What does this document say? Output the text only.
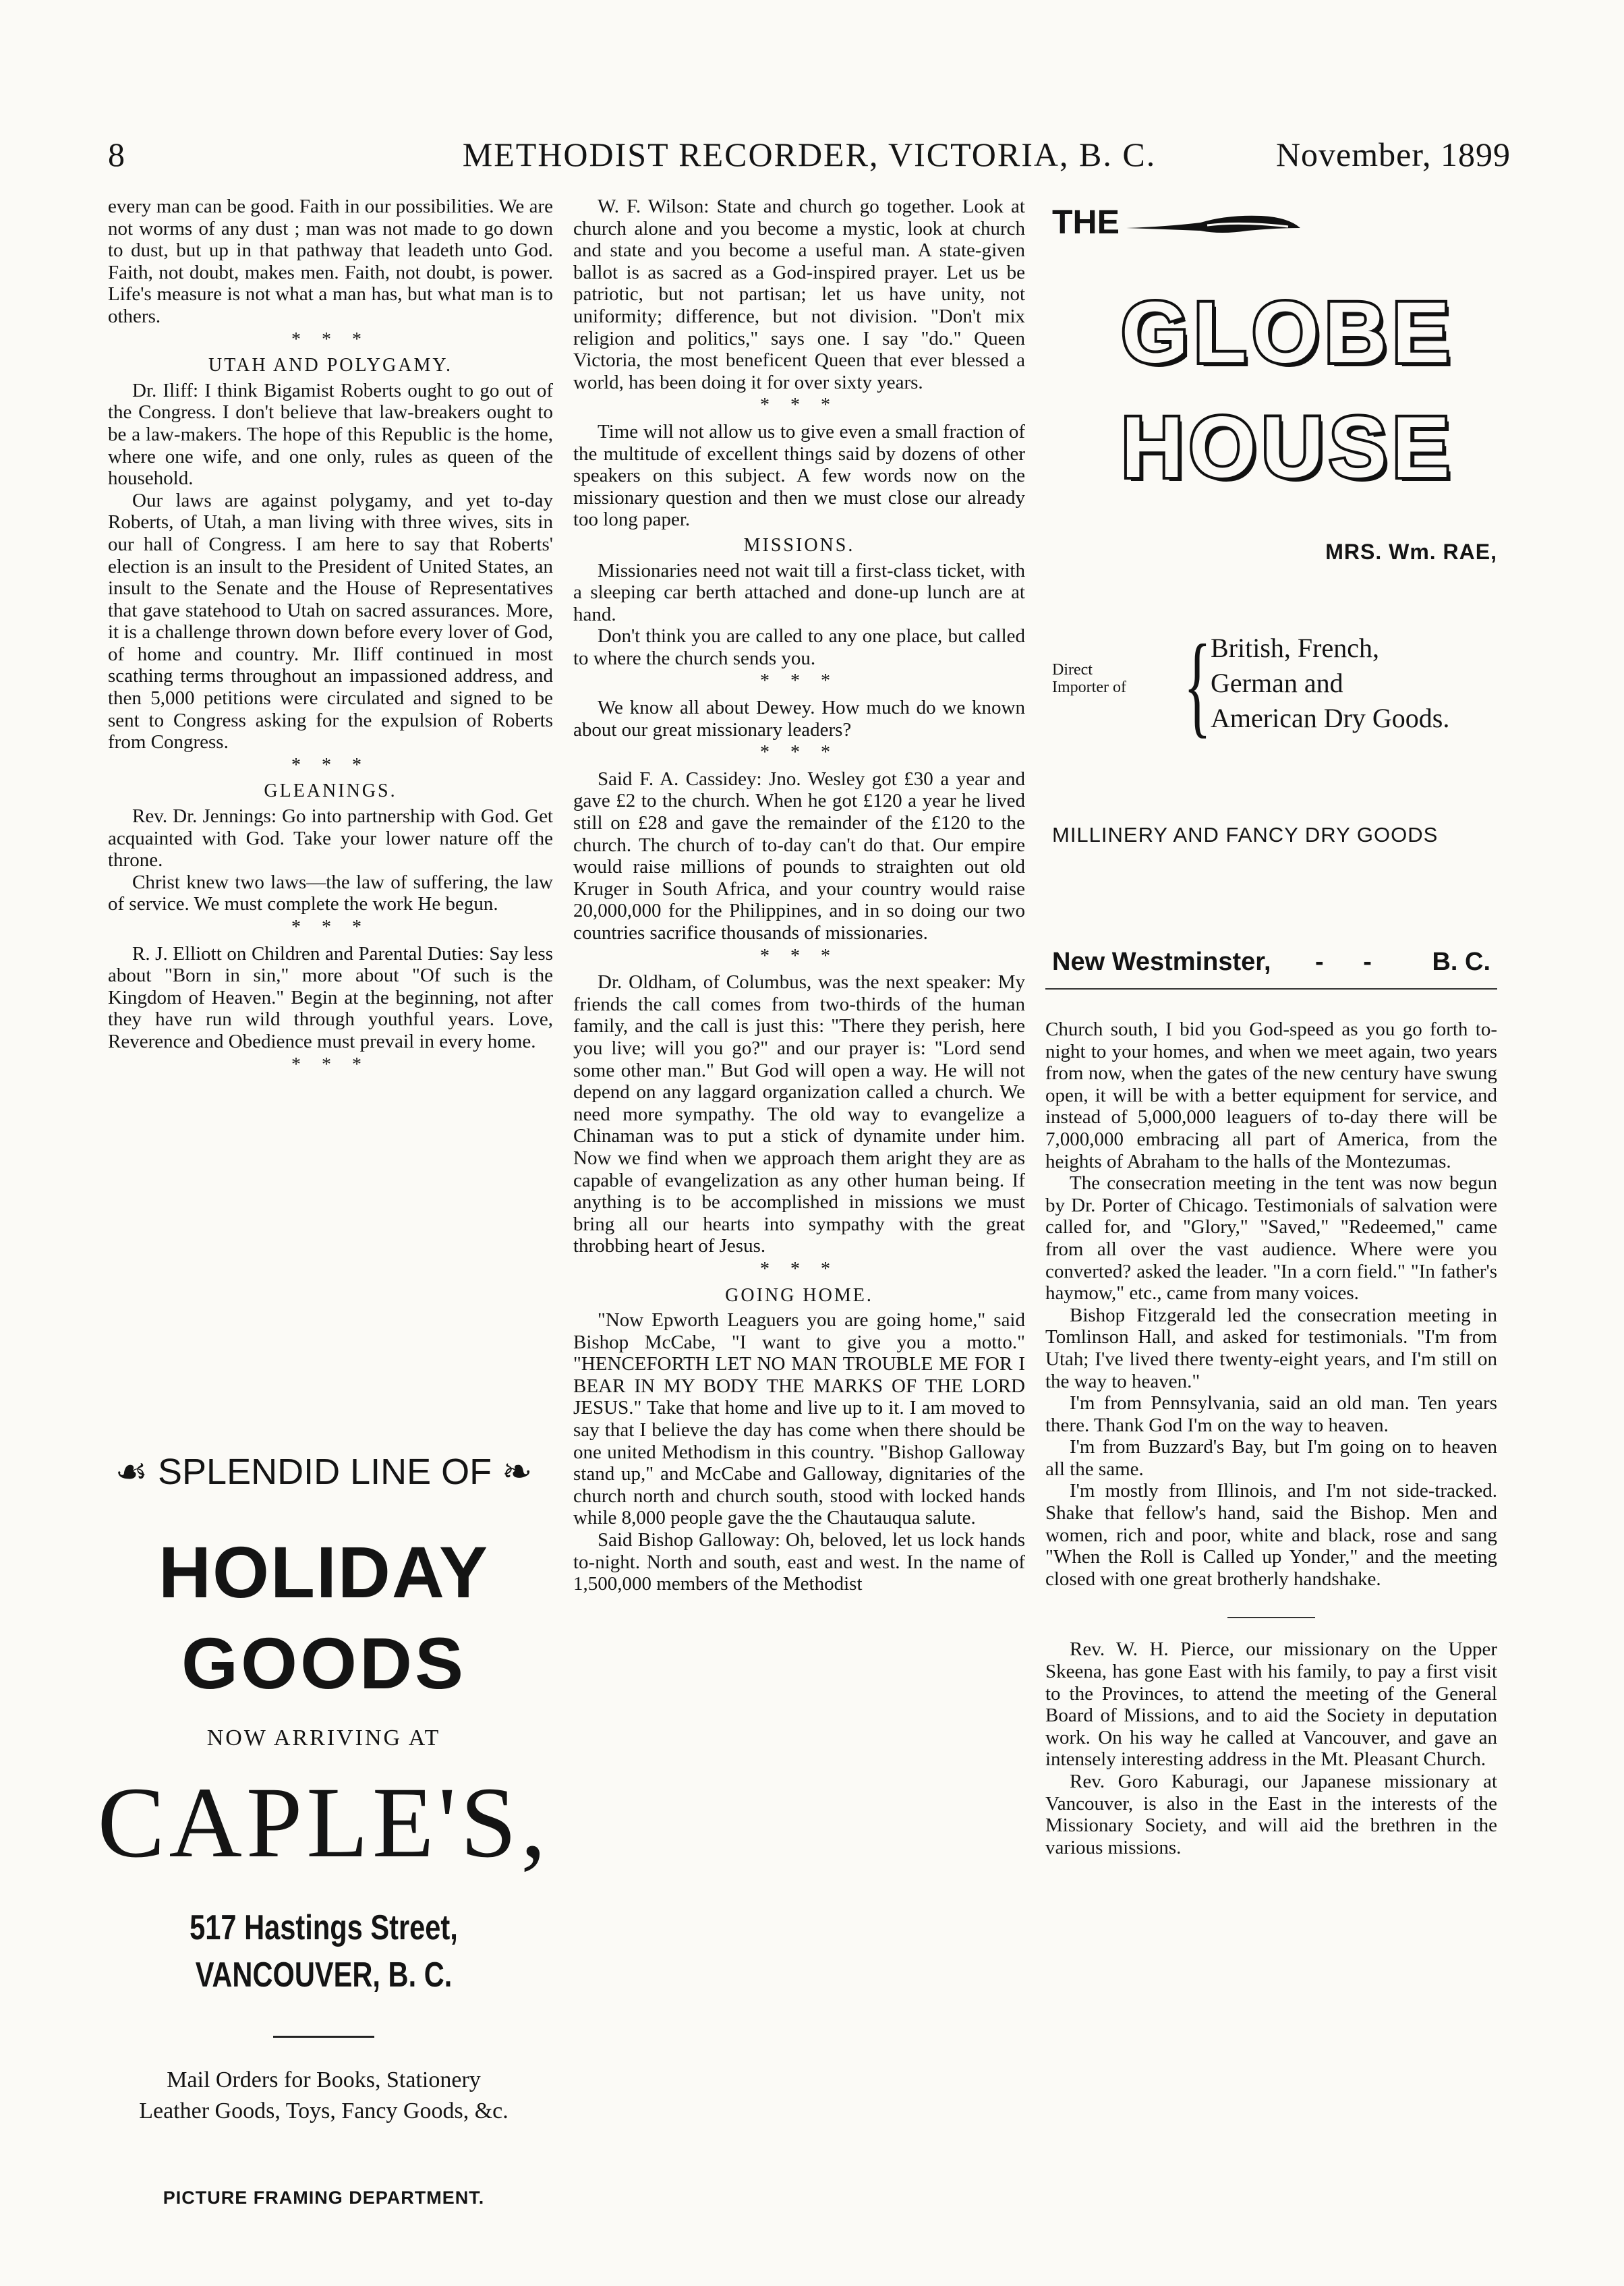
8	METHODIST RECORDER, VICTORIA, B. C.	November, 1899

every man can be good. Faith in our possibilities. We are not worms of any dust ; man was not made to go down to dust, but up in that pathway that leadeth unto God. Faith, not doubt, makes men. Faith, not doubt, is power. Life's measure is not what a man has, but what man is to others.

* * *
UTAH AND POLYGAMY.

Dr. Iliff: I think Bigamist Roberts ought to go out of the Congress. I don't believe that law-breakers ought to be a law-makers. The hope of this Republic is the home, where one wife, and one only, rules as queen of the household.

Our laws are against polygamy, and yet to-day Roberts, of Utah, a man living with three wives, sits in our hall of Congress. I am here to say that Roberts' election is an insult to the President of United States, an insult to the Senate and the House of Representatives that gave statehood to Utah on sacred assurances. More, it is a challenge thrown down before every lover of God, of home and country. Mr. Iliff continued in most scathing terms throughout an impassioned address, and then 5,000 petitions were circulated and signed to be sent to Congress asking for the expulsion of Roberts from Congress.

* * *
GLEANINGS.

Rev. Dr. Jennings: Go into partnership with God. Get acquainted with God. Take your lower nature off the throne.

Christ knew two laws—the law of suffering, the law of service. We must complete the work He begun.

* * *

R. J. Elliott on Children and Parental Duties: Say less about "Born in sin," more about "Of such is the Kingdom of Heaven." Begin at the beginning, not after they have run wild through youthful years. Love, Reverence and Obedience must prevail in every home.

* * *
☙ SPLENDID LINE OF ❧
HOLIDAY
GOODS
NOW ARRIVING AT
CAPLE'S,
517 Hastings Street,
VANCOUVER, B. C.
Mail Orders for Books, Stationery
Leather Goods, Toys, Fancy Goods, &c.
PICTURE FRAMING DEPARTMENT.

W. F. Wilson: State and church go together. Look at church alone and you become a mystic, look at church and state and you become a useful man. A state-given ballot is as sacred as a God-inspired prayer. Let us be patriotic, but not partisan; let us have unity, not uniformity; difference, but not division. "Don't mix religion and politics," says one. I say "do." Queen Victoria, the most beneficent Queen that ever blessed a world, has been doing it for over sixty years.

* * *

Time will not allow us to give even a small fraction of the multitude of excellent things said by dozens of other speakers on this subject. A few words now on the missionary question and then we must close our already too long paper.

MISSIONS.

Missionaries need not wait till a first-class ticket, with a sleeping car berth attached and done-up lunch are at hand.

Don't think you are called to any one place, but called to where the church sends you.

* * *

We know all about Dewey. How much do we known about our great missionary leaders?

* * *

Said F. A. Cassidey: Jno. Wesley got £30 a year and gave £2 to the church. When he got £120 a year he lived still on £28 and gave the remainder of the £120 to the church. The church of to-day can't do that. Our empire would raise millions of pounds to straighten out old Kruger in South Africa, and your country would raise 20,000,000 for the Philippines, and in so doing our two countries sacrifice thousands of missionaries.

* * *

Dr. Oldham, of Columbus, was the next speaker: My friends the call comes from two-thirds of the human family, and the call is just this: "There they perish, here you live; will you go?" and our prayer is: "Lord send some other man." But God will open a way. He will not depend on any laggard organization called a church. We need more sympathy. The old way to evangelize a Chinaman was to put a stick of dynamite under him. Now we find when we approach them aright they are as capable of evangelization as any other human being. If anything is to be accomplished in missions we must bring all our hearts into sympathy with the great throbbing heart of Jesus.

* * *
GOING HOME.

"Now Epworth Leaguers you are going home," said Bishop McCabe, "I want to give you a motto." "HENCEFORTH LET NO MAN TROUBLE ME FOR I BEAR IN MY BODY THE MARKS OF THE LORD JESUS." Take that home and live up to it. I am moved to say that I believe the day has come when there should be one united Methodism in this country. "Bishop Galloway stand up," and McCabe and Galloway, dignitaries of the church north and church south, stood with locked hands while 8,000 people gave the the Chautauqua salute.

Said Bishop Galloway: Oh, beloved, let us lock hands to-night. North and south, east and west. In the name of 1,500,000 members of the Methodist

THE
GLOBE
HOUSE
MRS. Wm. RAE,
Direct
Importer of { British, French,
German and
American Dry Goods.
MILLINERY AND FANCY DRY GOODS
New Westminster, - - B. C.

Church south, I bid you God-speed as you go forth to-night to your homes, and when we meet again, two years from now, when the gates of the new century have swung open, it will be with a better equipment for service, and instead of 5,000,000 leaguers of to-day there will be 7,000,000 embracing all part of America, from the heights of Abraham to the halls of the Montezumas.

The consecration meeting in the tent was now begun by Dr. Porter of Chicago. Testimonials of salvation were called for, and "Glory," "Saved," "Redeemed," came from all over the vast audience. Where were you converted? asked the leader. "In a corn field." "In father's haymow," etc., came from many voices.

Bishop Fitzgerald led the consecration meeting in Tomlinson Hall, and asked for testimonials. "I'm from Utah; I've lived there twenty-eight years, and I'm still on the way to heaven."

I'm from Pennsylvania, said an old man. Ten years there. Thank God I'm on the way to heaven.

I'm from Buzzard's Bay, but I'm going on to heaven all the same.

I'm mostly from Illinois, and I'm not side-tracked. Shake that fellow's hand, said the Bishop. Men and women, rich and poor, white and black, rose and sang "When the Roll is Called up Yonder," and the meeting closed with one great brotherly handshake.

Rev. W. H. Pierce, our missionary on the Upper Skeena, has gone East with his family, to pay a first visit to the Provinces, to attend the meeting of the General Board of Missions, and to aid the Society in deputation work. On his way he called at Vancouver, and gave an intensely interesting address in the Mt. Pleasant Church.

Rev. Goro Kaburagi, our Japanese missionary at Vancouver, is also in the East in the interests of the Missionary Society, and will aid the brethren in the various missions.
